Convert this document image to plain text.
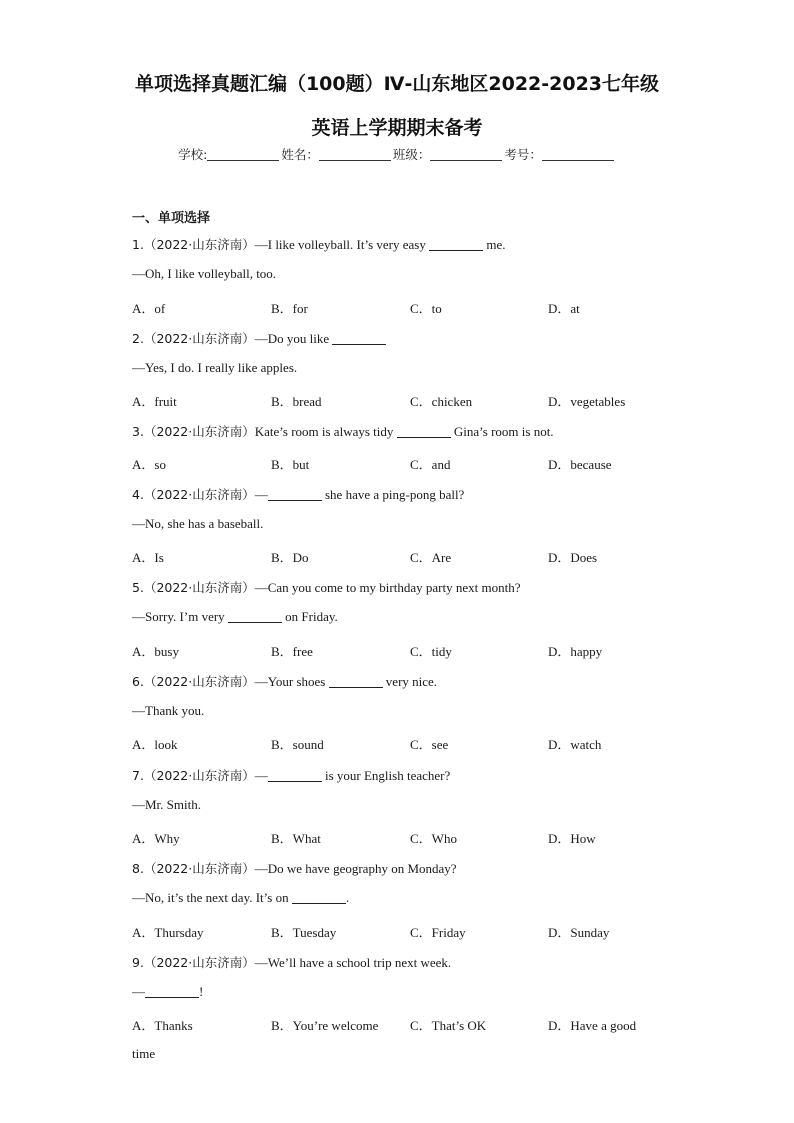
单项选择真题汇编（100题）Ⅳ-山东地区2022-2023七年级
英语上学期期末备考
学校:	姓名：	班级：	考号：
一、单项选择
1.（2022·山东济南）—I like volleyball. It’s very easy	me.
—Oh, I like volleyball, too.
A．of	B．for	C．to	D．at
2.（2022·山东济南）—Do you like
—Yes, I do. I really like apples.
A．fruit	B．bread	C．chicken	D．vegetables
3.（2022·山东济南）Kate’s room is always tidy	Gina’s room is not.
A．so	B．but	C．and	D．because
4.（2022·山东济南）—	she have a ping-pong ball?
—No, she has a baseball.
A．Is	B．Do	C．Are	D．Does
5.（2022·山东济南）—Can you come to my birthday party next month?
—Sorry. I’m very	on Friday.
A．busy	B．free	C．tidy	D．happy
6.（2022·山东济南）—Your shoes	very nice.
—Thank you.
A．look	B．sound	C．see	D．watch
7.（2022·山东济南）—	is your English teacher?
—Mr. Smith.
A．Why	B．What	C．Who	D．How
8.（2022·山东济南）—Do we have geography on Monday?
—No, it’s the next day. It’s on	.
A．Thursday	B．Tuesday	C．Friday	D．Sunday
9.（2022·山东济南）—We’ll have a school trip next week.
—	!
A．Thanks	B．You’re welcome C．That’s OK	D．Have a good
time
